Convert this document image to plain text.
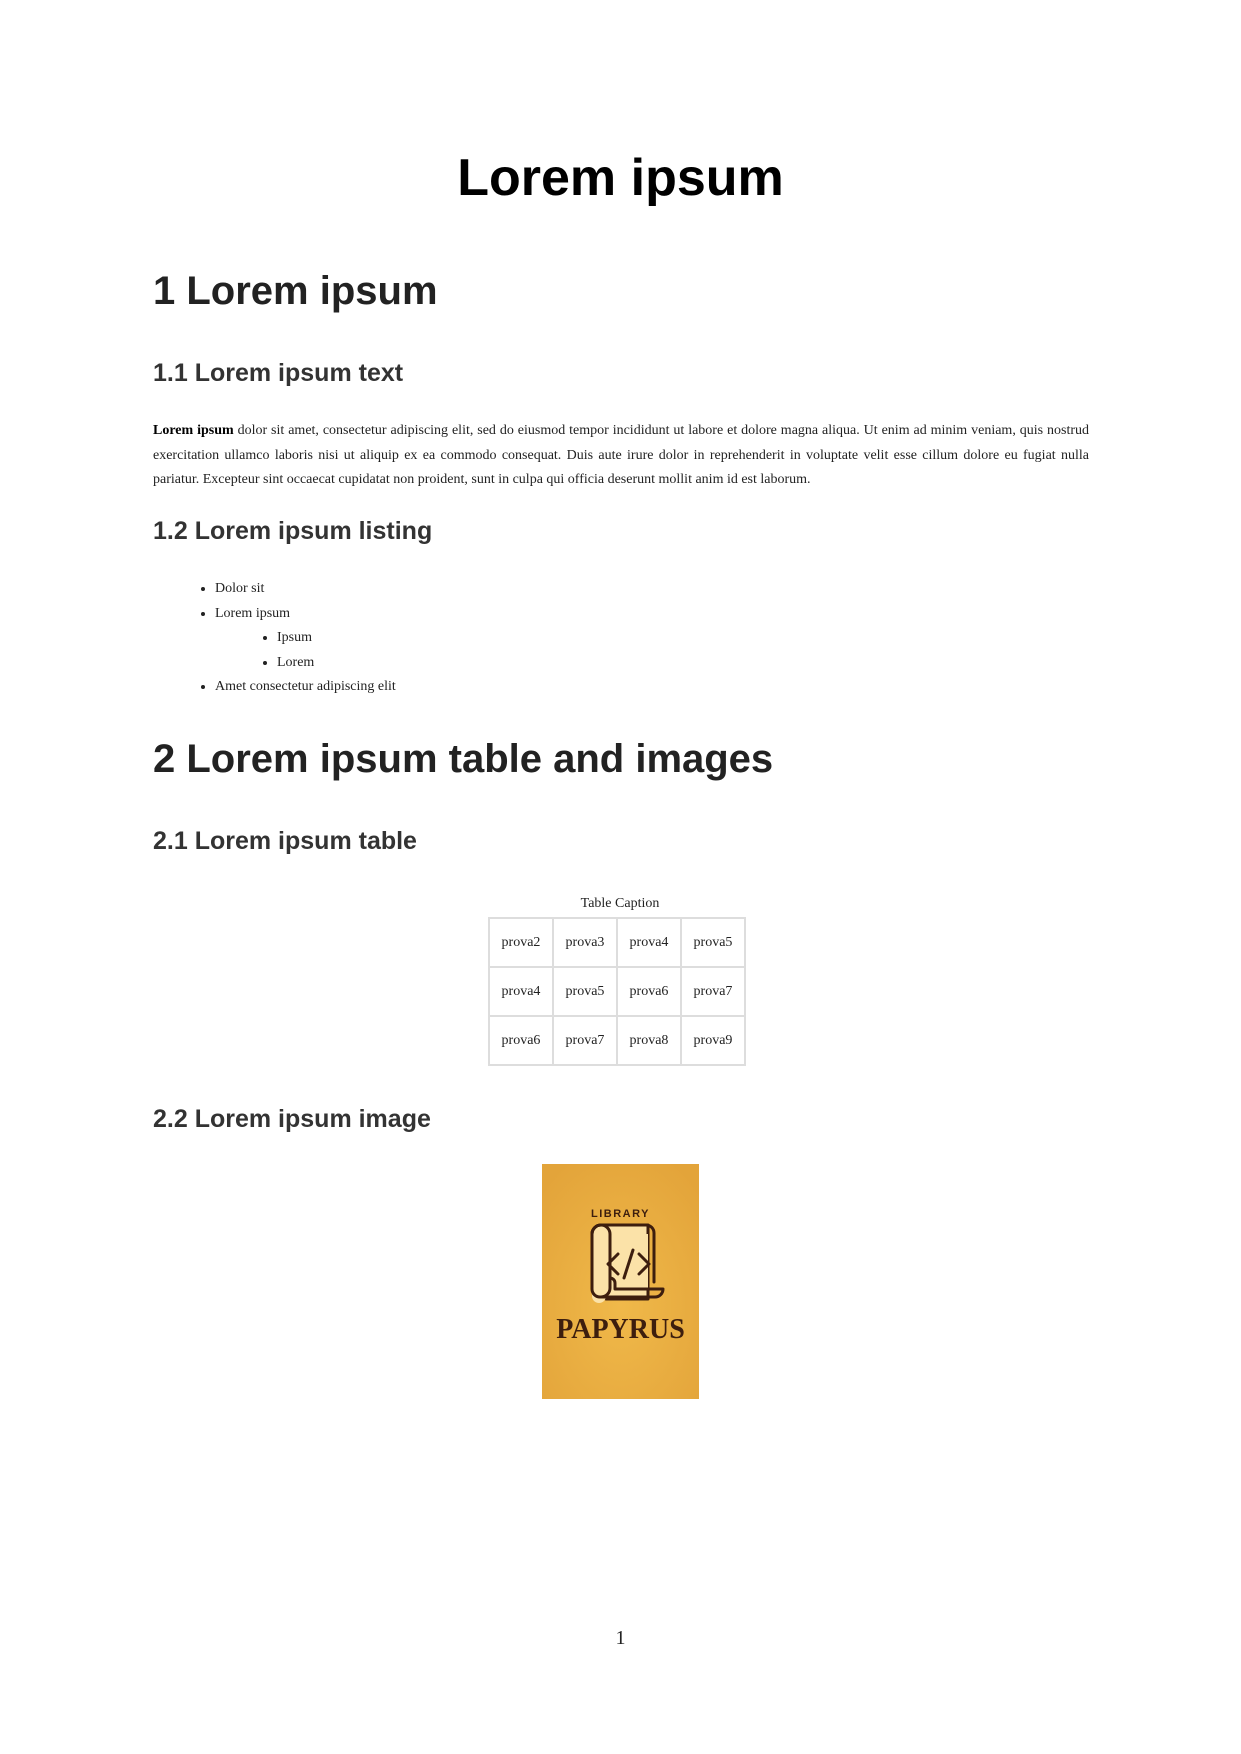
Lorem ipsum
1 Lorem ipsum
1.1 Lorem ipsum text

Lorem ipsum dolor sit amet, consectetur adipiscing elit, sed do eiusmod tempor incididunt ut labore et dolore magna aliqua. Ut enim ad minim veniam, quis nostrud exercitation ullamco laboris nisi ut aliquip ex ea commodo consequat. Duis aute irure dolor in reprehenderit in voluptate velit esse cillum dolore eu fugiat nulla pariatur. Excepteur sint occaecat cupidatat non proident, sunt in culpa qui officia deserunt mollit anim id est laborum.

1.2 Lorem ipsum listing
• Dolor sit
• Lorem ipsum
• Ipsum
• Lorem
• Amet consectetur adipiscing elit
2 Lorem ipsum table and images
2.1 Lorem ipsum table
Table Caption
prova2	prova3	prova4	prova5
prova4	prova5	prova6	prova7
prova6	prova7	prova8	prova9
2.2 Lorem ipsum image
LIBRARY
PAPYRUS
1
